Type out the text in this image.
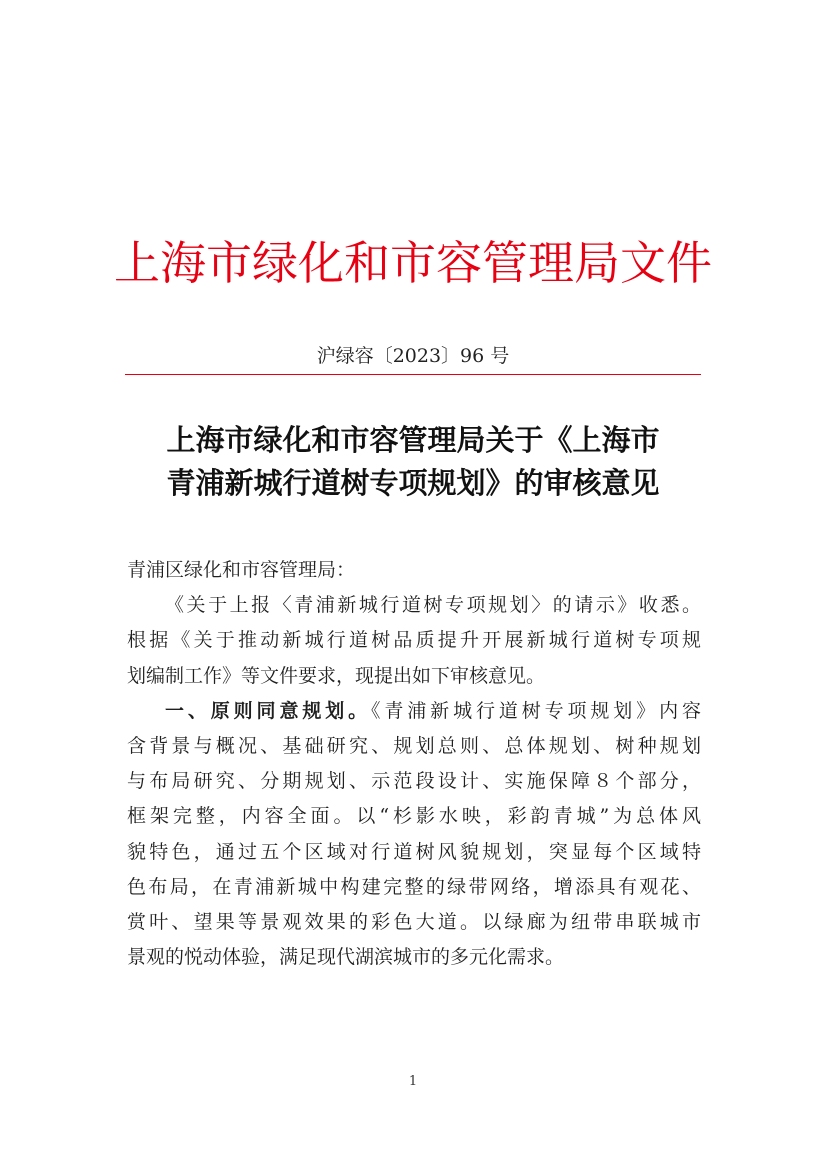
上海市绿化和市容管理局文件
沪绿容〔2023〕96 号
上海市绿化和市容管理局关于《上海市
青浦新城行道树专项规划》的审核意见

青浦区绿化和市容管理局：

《关于上报〈青浦新城行道树专项规划〉的请示》收悉。

根据《关于推动新城行道树品质提升开展新城行道树专项规

划编制工作》等文件要求，现提出如下审核意见。

一、原则同意规划。《青浦新城行道树专项规划》内容

含背景与概况、基础研究、规划总则、总体规划、树种规划

与布局研究、分期规划、示范段设计、实施保障８个部分，

框架完整，内容全面。以“杉影水映，彩韵青城”为总体风

貌特色，通过五个区域对行道树风貌规划，突显每个区域特

色布局，在青浦新城中构建完整的绿带网络，增添具有观花、

赏叶、望果等景观效果的彩色大道。以绿廊为纽带串联城市

景观的悦动体验，满足现代湖滨城市的多元化需求。

1
